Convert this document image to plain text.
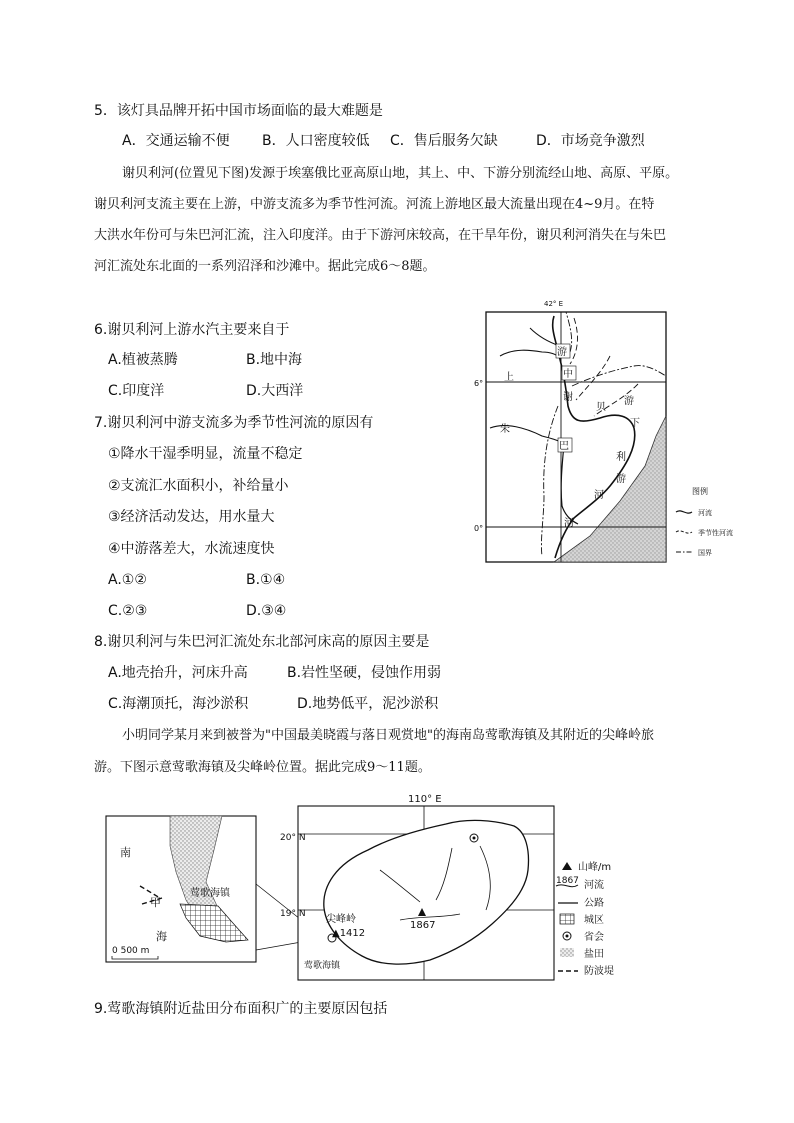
5．该灯具品牌开拓中国市场面临的最大难题是
A．交通运输不便 B．人口密度较低 C．售后服务欠缺	D．市场竞争激烈
谢贝利河(位置见下图)发源于埃塞俄比亚高原山地，其上、中、下游分别流经山地、高原、平原。
谢贝利河支流主要在上游，中游支流多为季节性河流。河流上游地区最大流量出现在4~9月。在特
大洪水年份可与朱巴河汇流，注入印度洋。由于下游河床较高，在干旱年份，谢贝利河消失在与朱巴
河汇流处东北面的一系列沼泽和沙滩中。据此完成6～8题。
6.谢贝利河上游水汽主要来自于
A.植被蒸腾	B.地中海
C.印度洋	D.大西洋
7.谢贝利河中游支流多为季节性河流的原因有
①降水干湿季明显，流量不稳定
②支流汇水面积小，补给量小
③经济活动发达，用水量大
④中游落差大，水流速度快
A.①②	B.①④
C.②③	D.③④
42° E
6°
0°
游
上	中
谢
贝
游
下
朱
巴
利
游
河
河
图例
河流
季节性河流
国界
8.谢贝利河与朱巴河汇流处东北部河床高的原因主要是
A.地壳抬升，河床升高	B.岩性坚硬，侵蚀作用弱
C.海潮顶托，海沙淤积	D.地势低平，泥沙淤积
小明同学某月来到被誉为"中国最美晓霞与落日观赏地"的海南岛莺歌海镇及其附近的尖峰岭旅
游。下图示意莺歌海镇及尖峰岭位置。据此完成9～11题。
南
甲
莺歌海镇
海
0 500 m
110° E
20° N
19° N 尖峰岭
▲1412
1867
莺歌海镇
山峰/m
1867 河流
公路
城区
省会
盐田
防波堤
9.莺歌海镇附近盐田分布面积广的主要原因包括
